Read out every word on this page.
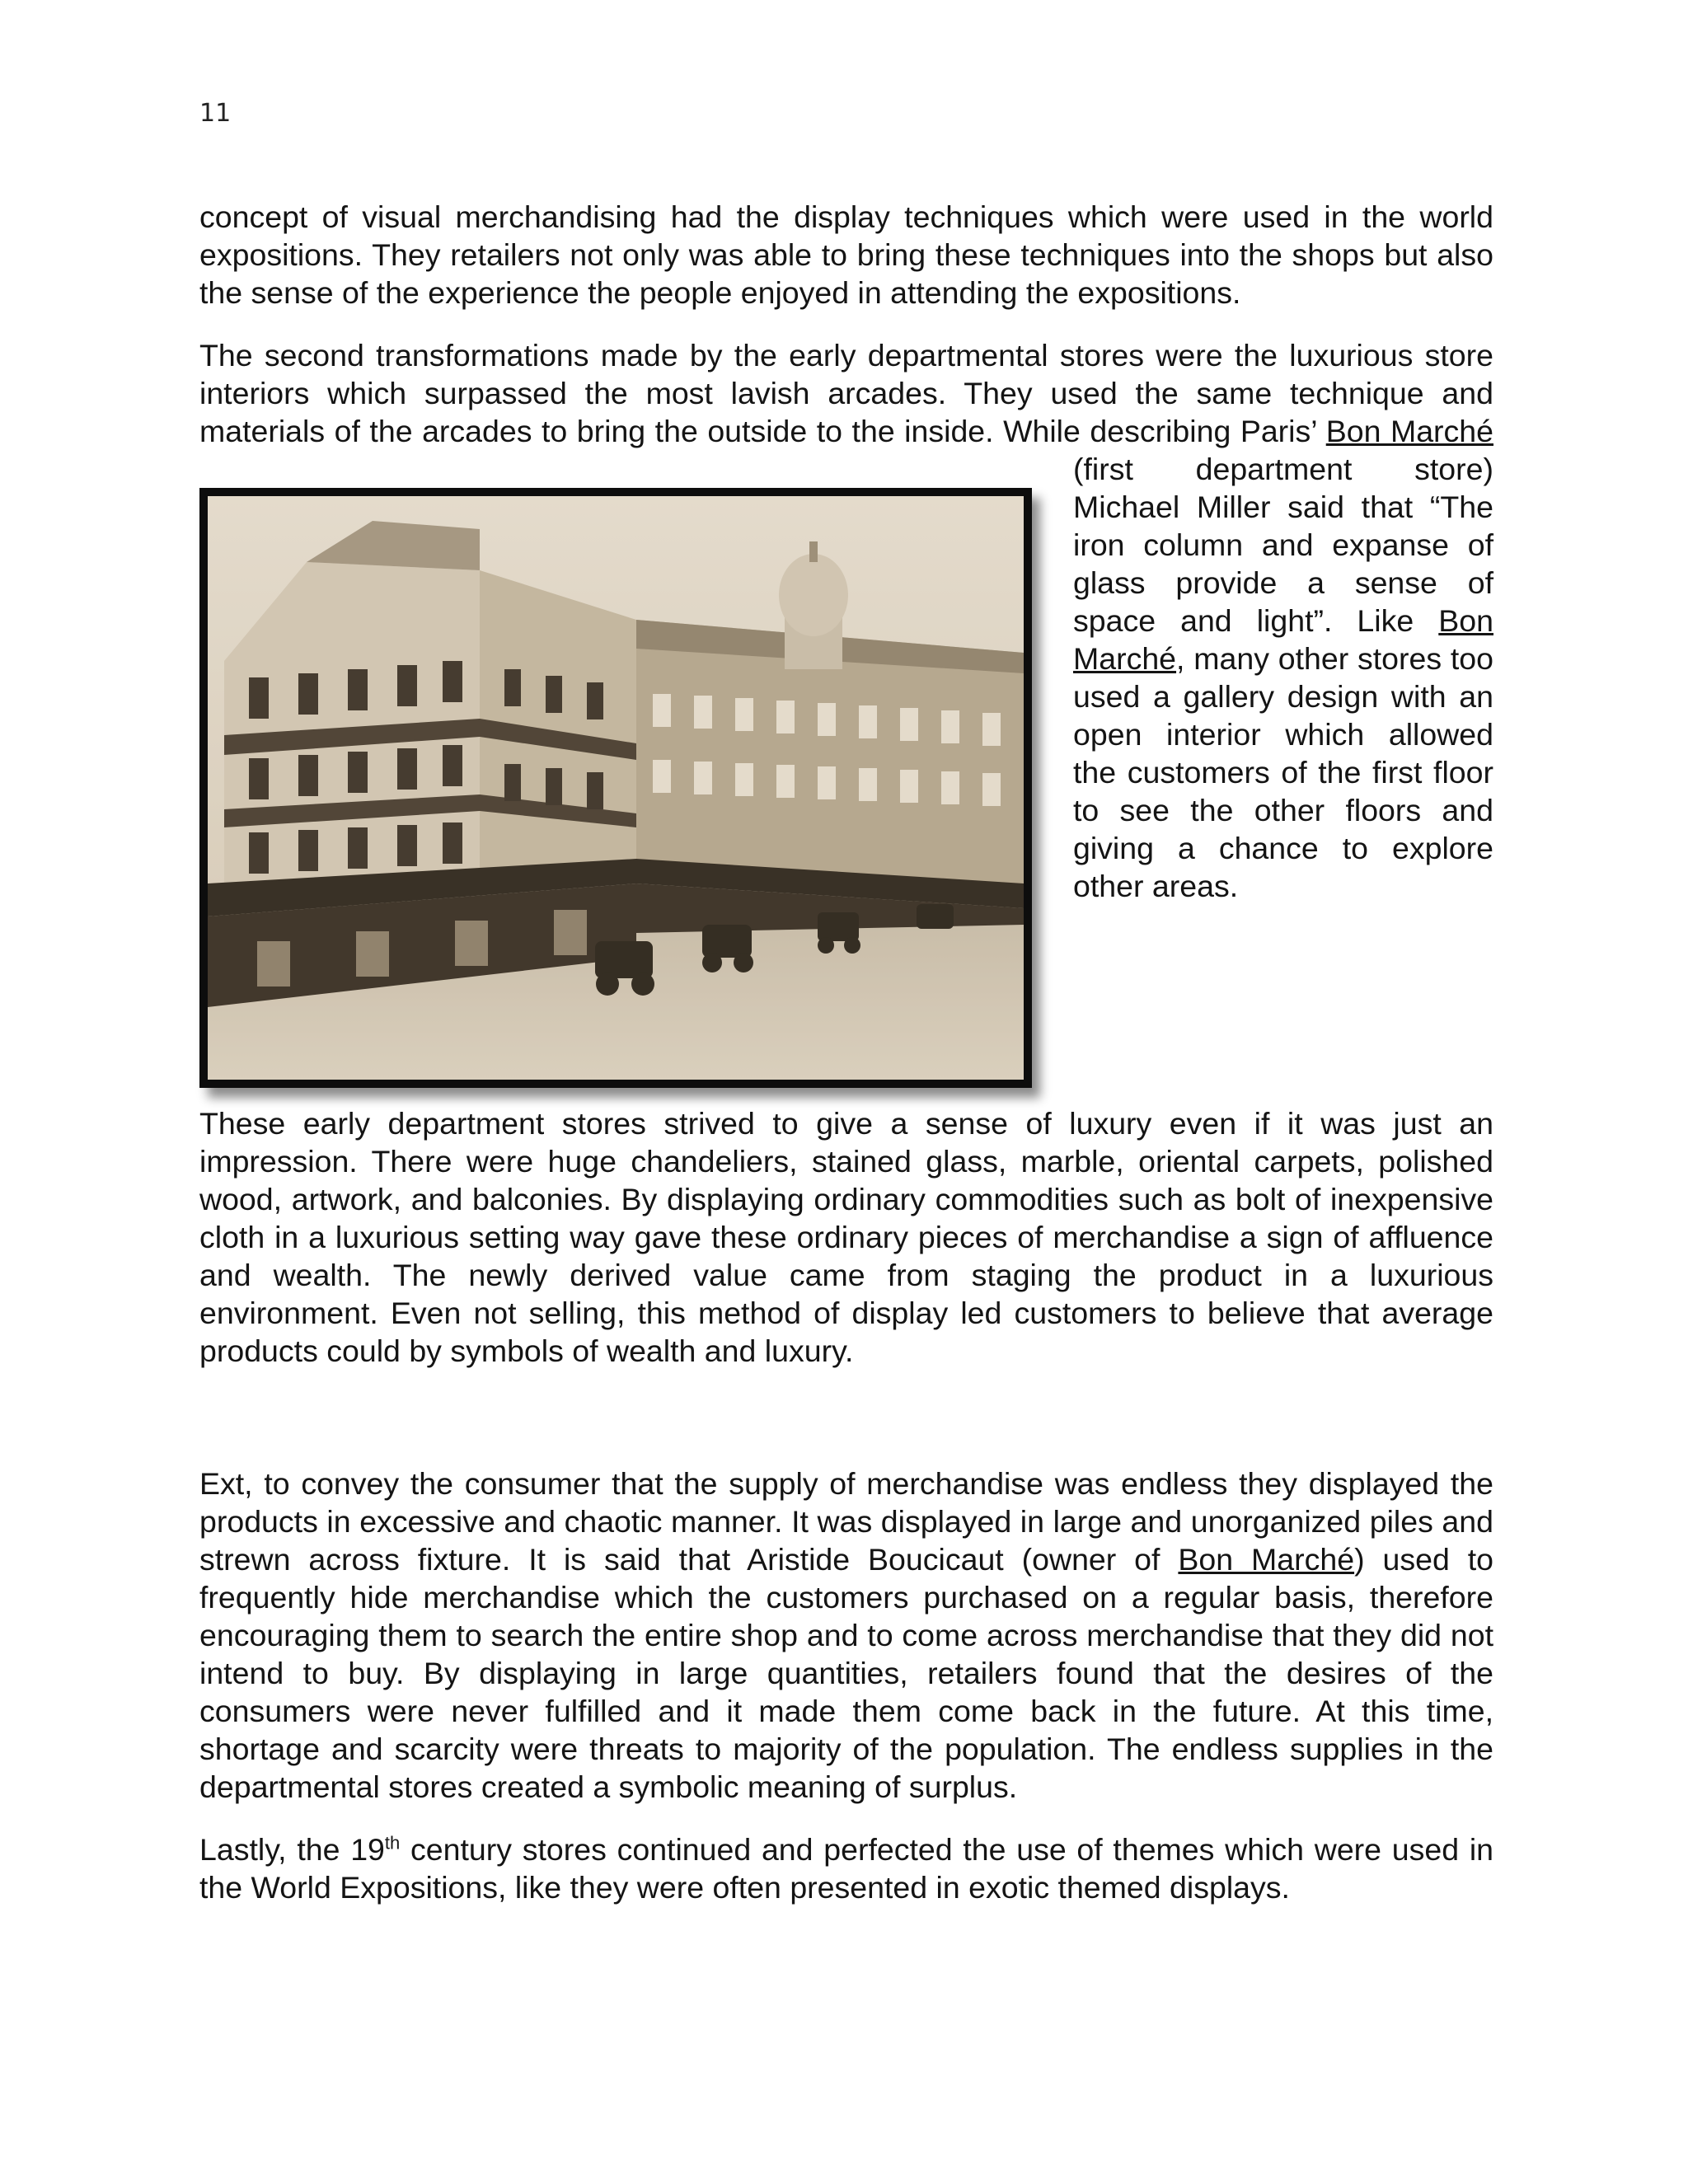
11

concept of visual merchandising had the display techniques which were used in the world expositions. They retailers not only was able to bring these techniques into the shops but also the sense of the experience the people enjoyed in attending the expositions.

The second transformations made by the early departmental stores were the luxurious store interiors which surpassed the most lavish arcades. They used the same technique and materials of the arcades to bring the outside to the inside. While describing Paris’
Bon Marché (first department store) Michael Miller said that “The iron column and expanse of glass provide a sense of space and light”. Like Bon Marché, many other stores too used a gallery design with an open interior which allowed the customers of the first floor to see the other floors and giving a chance to explore other areas.

These early department stores strived to give a sense of luxury even if it was just an impression. There were huge chandeliers, stained glass, marble, oriental carpets, polished wood, artwork, and balconies. By displaying ordinary commodities such as bolt of inexpensive cloth in a luxurious setting way gave these ordinary pieces of merchandise a sign of affluence and wealth. The newly derived value came from staging the product in a luxurious environment. Even not selling, this method of display led customers to believe that average products could by symbols of wealth and luxury.

Ext, to convey the consumer that the supply of merchandise was endless they displayed the products in excessive and chaotic manner. It was displayed in large and unorganized piles and strewn across fixture. It is said that Aristide Boucicaut (owner of Bon Marché) used to frequently hide merchandise which the customers purchased on a regular basis, therefore encouraging them to search the entire shop and to come across merchandise that they did not intend to buy. By displaying in large quantities, retailers found that the desires of the consumers were never fulfilled and it made them come back in the future. At this time, shortage and scarcity were threats to majority of the population. The endless supplies in the departmental stores created a symbolic meaning of surplus.

Lastly, the 19th century stores continued and perfected the use of themes which were used in the World Expositions, like they were often presented in exotic themed displays.
